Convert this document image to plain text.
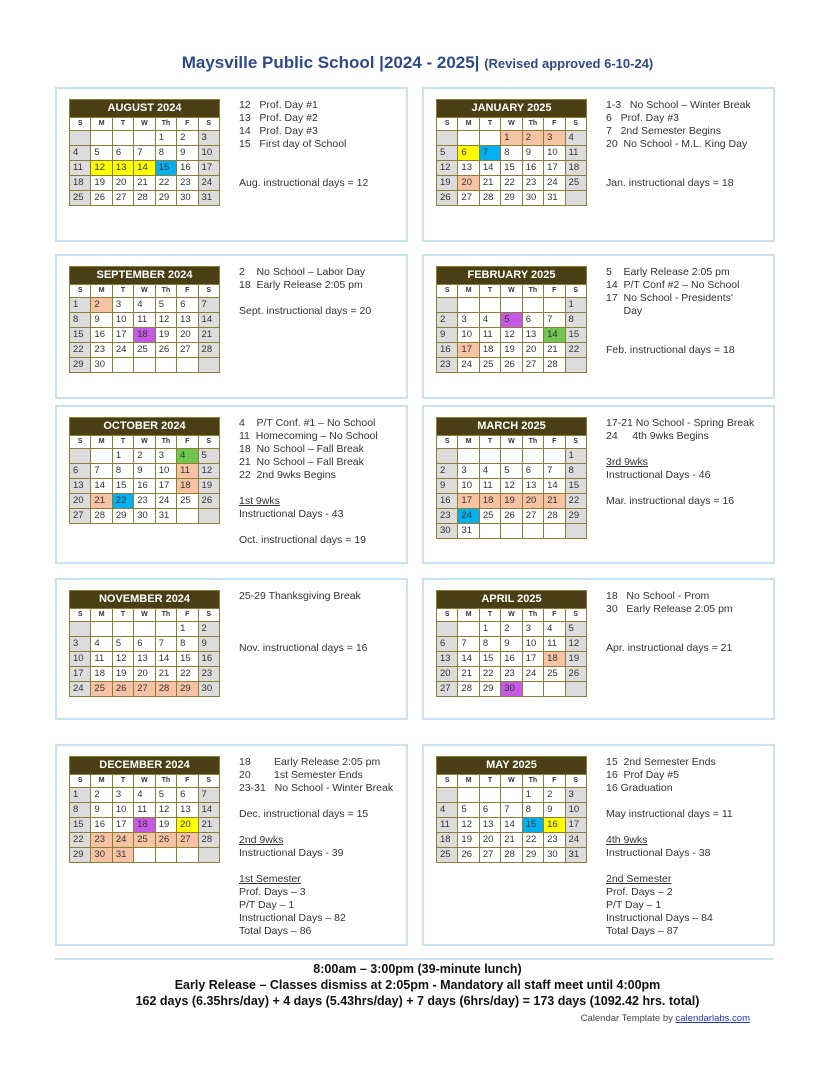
Maysville Public School |2024 - 2025| (Revised approved 6-10-24)
AUGUST 2024						
S	M	T	W	Th	F	S
				1	2	3
4	5	6	7	8	9	10
11	12	13	14	15	16	17
18	19	20	21	22	23	24
25	26	27	28	29	30	31
12   Prof. Day #1
13   Prof. Day #2
14   Prof. Day #3
15   First day of School
Aug. instructional days = 12
JANUARY 2025						
S	M	T	W	Th	F	S
			1	2	3	4
5	6	7	8	9	10	11
12	13	14	15	16	17	18
19	20	21	22	23	24	25
26	27	28	29	30	31	
1-3   No School – Winter Break
6   Prof. Day #3
7   2nd Semester Begins
20  No School - M.L. King Day
Jan. instructional days = 18
SEPTEMBER 2024						
S	M	T	W	Th	F	S
1	2	3	4	5	6	7
8	9	10	11	12	13	14
15	16	17	18	19	20	21
22	23	24	25	26	27	28
29	30					
2    No School – Labor Day
18  Early Release 2:05 pm
Sept. instructional days = 20
FEBRUARY 2025						
S	M	T	W	Th	F	S
						1
2	3	4	5	6	7	8
9	10	11	12	13	14	15
16	17	18	19	20	21	22
23	24	25	26	27	28	
5    Early Release 2:05 pm
14  P/T Conf #2 – No School
17  No School - Presidents'
Day
Feb. instructional days = 18
OCTOBER 2024						
S	M	T	W	Th	F	S
		1	2	3	4	5
6	7	8	9	10	11	12
13	14	15	16	17	18	19
20	21	22	23	24	25	26
27	28	29	30	31		
4    P/T Conf. #1 – No School
11  Homecoming – No School
18  No School – Fall Break
21  No School – Fall Break
22  2nd 9wks Begins
1st 9wks
Instructional Days - 43
Oct. instructional days = 19
MARCH 2025						
S	M	T	W	Th	F	S
						1
2	3	4	5	6	7	8
9	10	11	12	13	14	15
16	17	18	19	20	21	22
23	24	25	26	27	28	29
30	31					
17-21 No School - Spring Break
24     4th 9wks Begins
3rd 9wks
Instructional Days - 46
Mar. instructional days = 16
NOVEMBER 2024						
S	M	T	W	Th	F	S
					1	2
3	4	5	6	7	8	9
10	11	12	13	14	15	16
17	18	19	20	21	22	23
24	25	26	27	28	29	30
25-29 Thanksgiving Break
Nov. instructional days = 16
APRIL 2025						
S	M	T	W	Th	F	S
		1	2	3	4	5
6	7	8	9	10	11	12
13	14	15	16	17	18	19
20	21	22	23	24	25	26
27	28	29	30			
18   No School - Prom
30   Early Release 2:05 pm
Apr. instructional days = 21
DECEMBER 2024						
S	M	T	W	Th	F	S
1	2	3	4	5	6	7
8	9	10	11	12	13	14
15	16	17	18	19	20	21
22	23	24	25	26	27	28
29	30	31				
18        Early Release 2:05 pm
20        1st Semester Ends
23-31   No School - Winter Break
Dec. instructional days = 15
2nd 9wks
Instructional Days - 39
1st Semester
Prof. Days – 3
P/T Day – 1
Instructional Days – 82
Total Days – 86
MAY 2025						
S	M	T	W	Th	F	S
				1	2	3
4	5	6	7	8	9	10
11	12	13	14	15	16	17
18	19	20	21	22	23	24
25	26	27	28	29	30	31
15  2nd Semester Ends
16  Prof Day #5
16 Graduation
May instructional days = 11
4th 9wks
Instructional Days - 38
2nd Semester
Prof. Days – 2
P/T Day – 1
Instructional Days – 84
Total Days – 87
8:00am – 3:00pm (39-minute lunch)
Early Release – Classes dismiss at 2:05pm - Mandatory all staff meet until 4:00pm
162 days (6.35hrs/day) + 4 days (5.43hrs/day) + 7 days (6hrs/day) = 173 days (1092.42 hrs. total)
Calendar Template by calendarlabs.com
